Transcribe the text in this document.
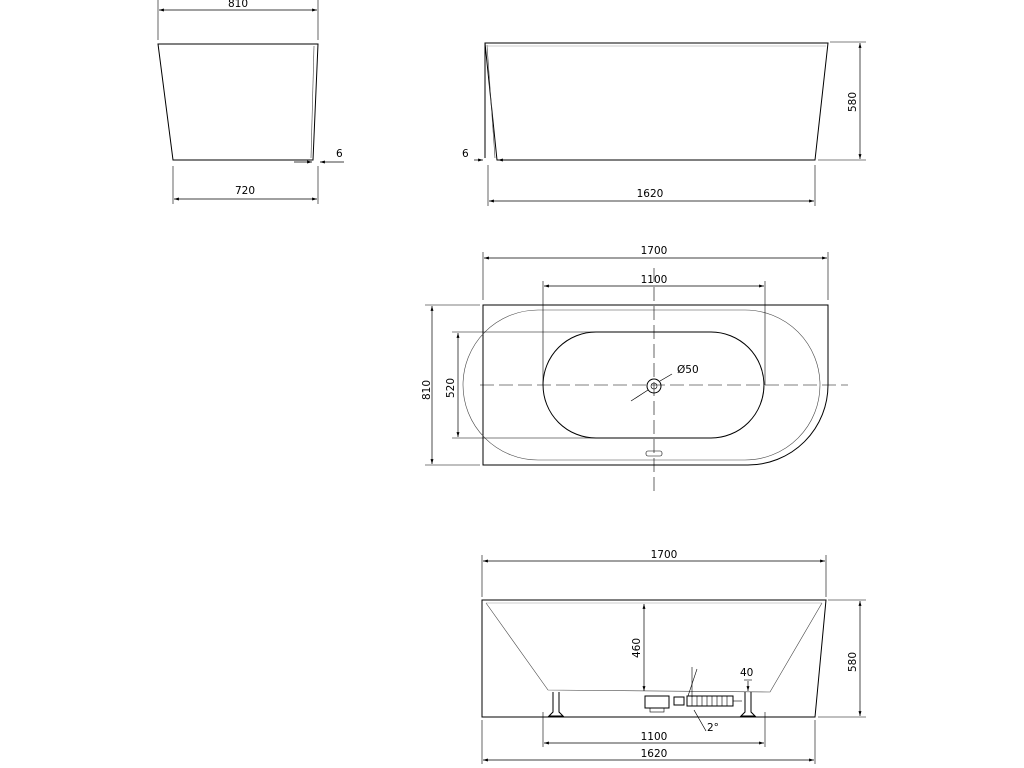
810
6
720
580
6
1620
Ø50
1700
1100
810 520
1700
460
40
580
2°
1100
1620
